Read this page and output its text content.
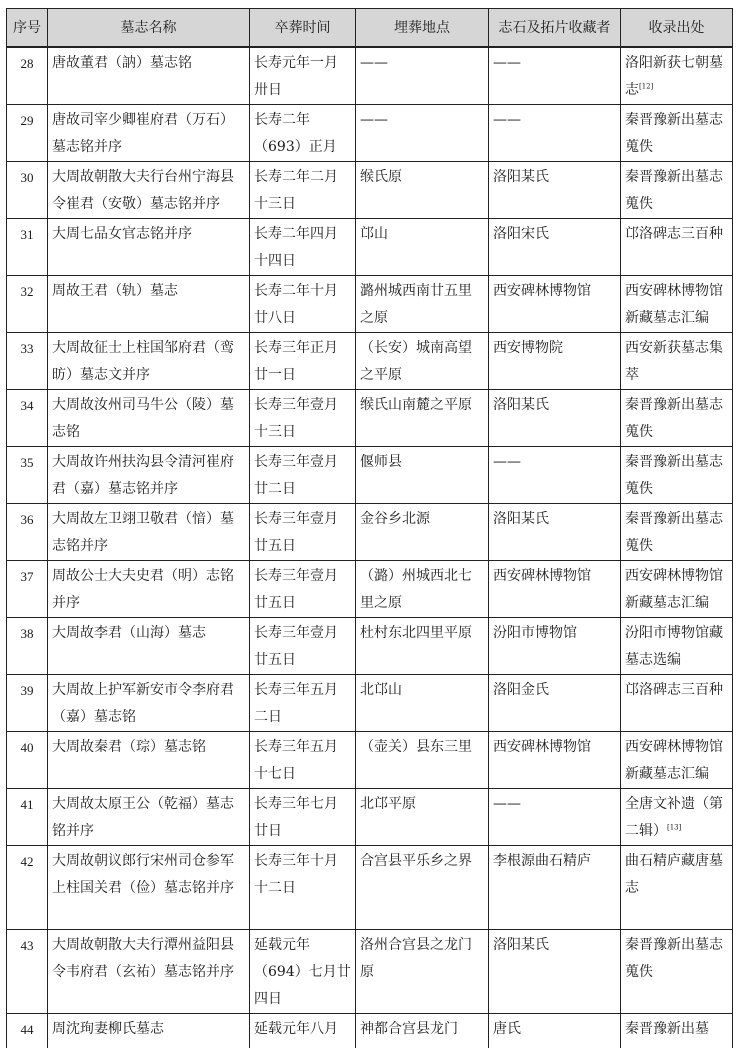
序号	墓志名称	卒葬时间	埋葬地点	志石及拓片收藏者	收录出处
28	唐故董君（訥）墓志铭	长寿元年一月卅日	——	——	洛阳新获七朝墓志[12]
29	唐故司宰少卿崔府君（万石）墓志铭并序	长寿二年（693）正月	——	——	秦晋豫新出墓志蒐佚
30	大周故朝散大夫行台州宁海县令崔君（安敬）墓志铭并序	长寿二年二月十三日	缑氏原	洛阳某氏	秦晋豫新出墓志蒐佚
31	大周七品女官志铭并序	长寿二年四月十四日	邙山	洛阳宋氏	邙洛碑志三百种
32	周故王君（轨）墓志	长寿二年十月廿八日	潞州城西南廿五里之原	西安碑林博物馆	西安碑林博物馆新藏墓志汇编
33	大周故征士上柱国邹府君（鸾昉）墓志文并序	长寿三年正月廿一日	（长安）城南高望之平原	西安博物院	西安新获墓志集萃
34	大周故汝州司马牛公（陵）墓志铭	长寿三年壹月十三日	缑氏山南麓之平原	洛阳某氏	秦晋豫新出墓志蒐佚
35	大周故许州扶沟县令清河崔府君（嘉）墓志铭并序	长寿三年壹月廿二日	偃师县	——	秦晋豫新出墓志蒐佚
36	大周故左卫翊卫敬君（愔）墓志铭并序	长寿三年壹月廿五日	金谷乡北源	洛阳某氏	秦晋豫新出墓志蒐佚
37	周故公士大夫史君（明）志铭并序	长寿三年壹月廿五日	（潞）州城西北七里之原	西安碑林博物馆	西安碑林博物馆新藏墓志汇编
38	大周故李君（山海）墓志	长寿三年壹月廿五日	杜村东北四里平原	汾阳市博物馆	汾阳市博物馆藏墓志选编
39	大周故上护军新安市令李府君（嘉）墓志铭	长寿三年五月二日	北邙山	洛阳金氏	邙洛碑志三百种
40	大周故秦君（琮）墓志铭	长寿三年五月十七日	（壶关）县东三里	西安碑林博物馆	西安碑林博物馆新藏墓志汇编
41	大周故太原王公（乾福）墓志铭并序	长寿三年七月廿日	北邙平原	——	全唐文补遗（第二辑）[13]
42	大周故朝议郎行宋州司仓参军上柱国关君（俭）墓志铭并序	长寿三年十月十二日	合宫县平乐乡之界	李根源曲石精庐	曲石精庐藏唐墓志
43	大周故朝散大夫行潭州益阳县令韦府君（玄祐）墓志铭并序	延载元年（694）七月廿四日	洛州合宫县之龙门原	洛阳某氏	秦晋豫新出墓志蒐佚
44	周沈珣妻柳氏墓志	延载元年八月	神都合宫县龙门	唐氏	秦晋豫新出墓
